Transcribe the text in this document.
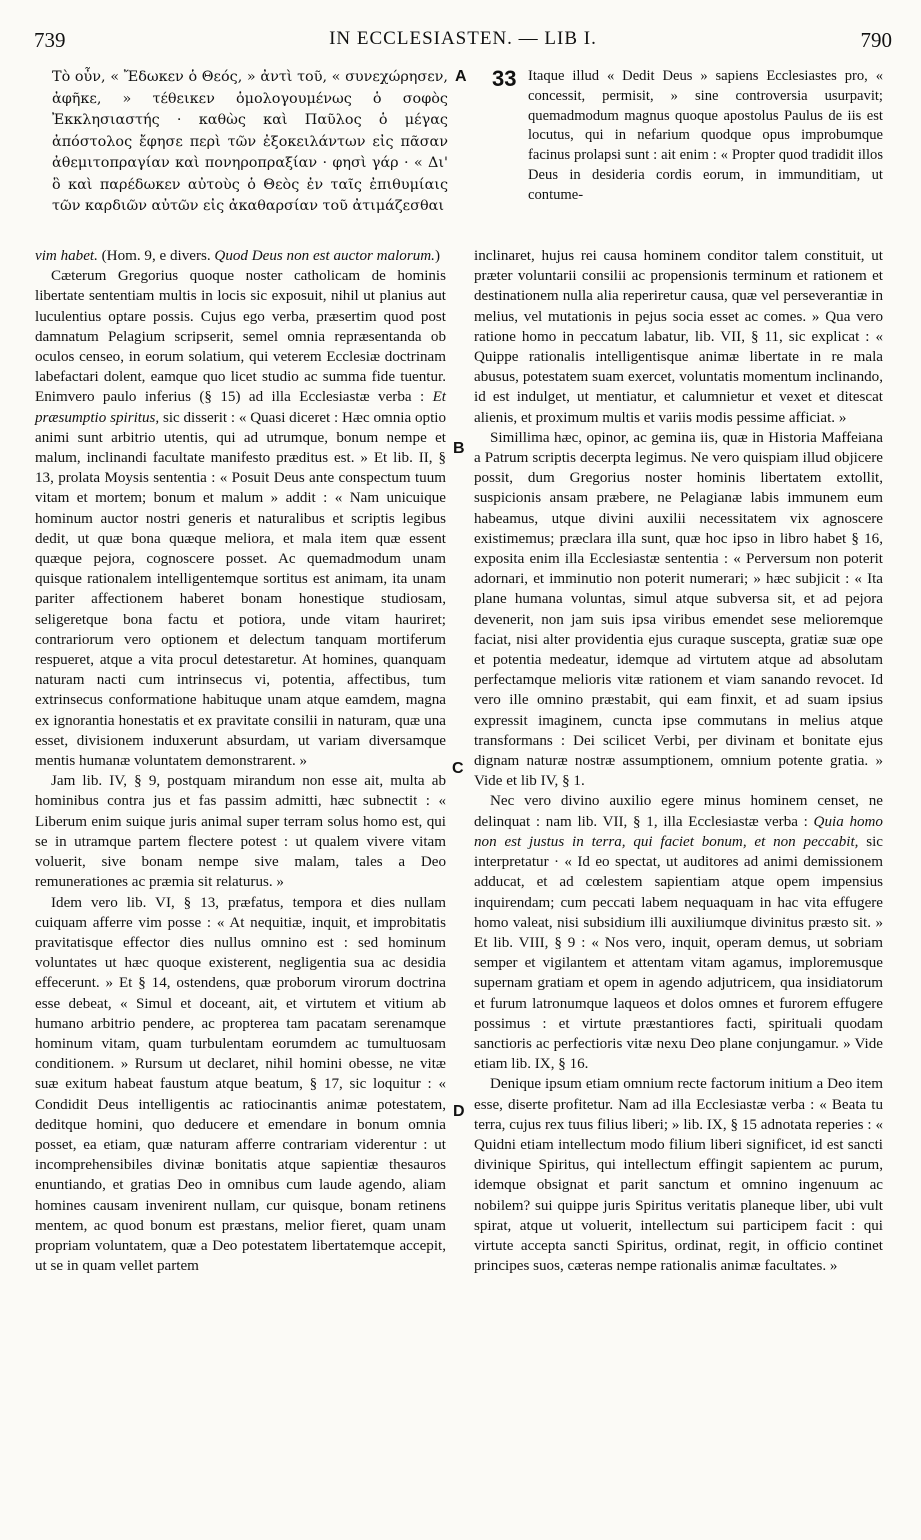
739	IN ECCLESIASTEN. — LIB I.	790
A 33
B
C
D

Τὸ οὖν, « Ἔδωκεν ὁ Θεός, » ἀντὶ τοῦ, « συνεχώρησεν, ἀφῆκε, » τέθεικεν ὁμολογουμένως ὁ σοφὸς Ἐκκλησιαστής · καθὼς καὶ Παῦλος ὁ μέγας ἀπόστολος ἔφησε περὶ τῶν ἐξοκειλάντων εἰς πᾶσαν ἀθεμιτοπραγίαν καὶ πονηροπραξίαν · φησὶ γάρ · « Δι' ὃ καὶ παρέδωκεν αὐτοὺς ὁ Θεὸς ἐν ταῖς ἐπιθυμίαις τῶν καρδιῶν αὐτῶν εἰς ἀκαθαρσίαν τοῦ ἀτιμάζεσθαι

Itaque illud « Dedit Deus » sapiens Ecclesiastes pro, « concessit, permisit, » sine controversia usurpavit; quemadmodum magnus quoque apostolus Paulus de iis est locutus, qui in nefarium quodque opus improbumque facinus prolapsi sunt : ait enim : « Propter quod tradidit illos Deus in desideria cordis eorum, in immunditiam, ut contume-

vim habet. (Hom. 9, e divers. Quod Deus non est auctor malorum.)

Cæterum Gregorius quoque noster catholicam de hominis libertate sententiam multis in locis sic exposuit, nihil ut planius aut luculentius optare possis. Cujus ego verba, præsertim quod post damnatum Pelagium scripserit, semel omnia repræsentanda ob oculos censeo, in eorum solatium, qui veterem Ecclesiæ doctrinam labefactari dolent, eamque quo licet studio ac summa fide tuentur. Enimvero paulo inferius (§ 15) ad illa Ecclesiastæ verba : Et præsumptio spiritus, sic disserit : « Quasi diceret : Hæc omnia optio animi sunt arbitrio utentis, qui ad utrumque, bonum nempe et malum, inclinandi facultate manifesto præditus est. » Et lib. II, § 13, prolata Moysis sententia : « Posuit Deus ante conspectum tuum vitam et mortem; bonum et malum » addit : « Nam unicuique hominum auctor nostri generis et naturalibus et scriptis legibus dedit, ut quæ bona quæque meliora, et mala item quæ essent quæque pejora, cognoscere posset. Ac quemadmodum unam quisque rationalem intelligentemque sortitus est animam, ita unam pariter affectionem haberet bonam honestique studiosam, seligeretque bona factu et potiora, unde vitam hauriret; contrariorum vero optionem et delectum tanquam mortiferum respueret, atque a vita procul detestaretur. At homines, quanquam naturam nacti cum intrinsecus vi, potentia, affectibus, tum extrinsecus conformatione habituque unam atque eamdem, magna ex ignorantia honestatis et ex pravitate consilii in naturam, quæ una esset, divisionem induxerunt absurdam, ut variam diversamque mentis humanæ voluntatem demonstrarent. »

Jam lib. IV, § 9, postquam mirandum non esse ait, multa ab hominibus contra jus et fas passim admitti, hæc subnectit : « Liberum enim suique juris animal super terram solus homo est, qui se in utramque partem flectere potest : ut qualem vivere vitam voluerit, sive bonam nempe sive malam, tales a Deo remunerationes ac præmia sit relaturus. »

Idem vero lib. VI, § 13, præfatus, tempora et dies nullam cuiquam afferre vim posse : « At nequitiæ, inquit, et improbitatis pravitatisque effector dies nullus omnino est : sed hominum voluntates ut hæc quoque existerent, negligentia sua ac desidia effecerunt. » Et § 14, ostendens, quæ proborum virorum doctrina esse debeat, « Simul et doceant, ait, et virtutem et vitium ab humano arbitrio pendere, ac propterea tam pacatam serenamque hominum vitam, quam turbulentam eorumdem ac tumultuosam conditionem. » Rursum ut declaret, nihil homini obesse, ne vitæ suæ exitum habeat faustum atque beatum, § 17, sic loquitur : « Condidit Deus intelligentis ac ratiocinantis animæ potestatem, deditque homini, quo deducere et emendare in bonum omnia posset, ea etiam, quæ naturam afferre contrariam viderentur : ut incomprehensibiles divinæ bonitatis atque sapientiæ thesauros enuntiando, et gratias Deo in omnibus cum laude agendo, aliam homines causam invenirent nullam, cur quisque, bonam retinens mentem, ac quod bonum est præstans, melior fieret, quam unam propriam voluntatem, quæ a Deo potestatem libertatemque accepit, ut se in quam vellet partem

inclinaret, hujus rei causa hominem conditor talem constituit, ut præter voluntarii consilii ac propensionis terminum et rationem et destinationem nulla alia reperiretur causa, quæ vel perseverantiæ in melius, vel mutationis in pejus socia esset ac comes. » Qua vero ratione homo in peccatum labatur, lib. VII, § 11, sic explicat : « Quippe rationalis intelligentisque animæ libertate in re mala abusus, potestatem suam exercet, voluntatis momentum inclinando, id est indulget, ut mentiatur, et calumnietur et vexet et ditescat alienis, et proximum multis et variis modis pessime afficiat. »

Simillima hæc, opinor, ac gemina iis, quæ in Historia Maffeiana a Patrum scriptis decerpta legimus. Ne vero quispiam illud objicere possit, dum Gregorius noster hominis libertatem extollit, suspicionis ansam præbere, ne Pelagianæ labis immunem eum habeamus, utque divini auxilii necessitatem vix agnoscere existimemus; præclara illa sunt, quæ hoc ipso in libro habet § 16, exposita enim illa Ecclesiastæ sententia : « Perversum non poterit adornari, et imminutio non poterit numerari; » hæc subjicit : « Ita plane humana voluntas, simul atque subversa sit, et ad pejora devenerit, non jam suis ipsa viribus emendet sese melioremque faciat, nisi alter providentia ejus curaque susceptа, gratiæ suæ ope et potentia medeatur, idemque ad virtutem atque ad absolutam perfectamque melioris vitæ rationem et viam sanando revocet. Id vero ille omnino præstabit, qui eam finxit, et ad suam ipsius expressit imaginem, cuncta ipse commutans in melius atque transformans : Dei scilicet Verbi, per divinam et bonitate ejus dignam naturæ nostræ assumptionem, omnium potente gratia. » Vide et lib IV, § 1.

Nec vero divino auxilio egere minus hominem censet, ne delinquat : nam lib. VII, § 1, illa Ecclesiastæ verba : Quia homo non est justus in terra, qui faciet bonum, et non peccabit, sic interpretatur · « Id eo spectat, ut auditores ad animi demissionem adducat, et ad cœlestem sapientiam atque opem impensius inquirendam; cum peccati labem nequaquam in hac vita effugere homo valeat, nisi subsidium illi auxiliumque divinitus præsto sit. » Et lib. VIII, § 9 : « Nos vero, inquit, operam demus, ut sobriam semper et vigilantem et attentam vitam agamus, imploremusque supernam gratiam et opem in agendo adjutricem, qua insidiatorum et furum latronumque laqueos et dolos omnes et furorem effugere possimus : et virtute præstantiores facti, spirituali quodam sanctioris ac perfectioris vitæ nexu Deo plane conjungamur. » Vide etiam lib. IX, § 16.

Denique ipsum etiam omnium recte factorum initium a Deo item esse, diserte profitetur. Nam ad illa Ecclesiastæ verba : « Beata tu terra, cujus rex tuus filius liberi; » lib. IX, § 15 adnotata reperies : « Quidni etiam intellectum modo filium liberi significet, id est sancti divinique Spiritus, qui intellectum effingit sapientem ac purum, idemque obsignat et parit sanctum et omnino ingenuum ac nobilem? sui quippe juris Spiritus veritatis planeque liber, ubi vult spirat, atque ut voluerit, intellectum sui participem facit : qui virtute accepta sancti Spiritus, ordinat, regit, in officio continet principes suos, cæteras nempe rationalis animæ facultates. »
